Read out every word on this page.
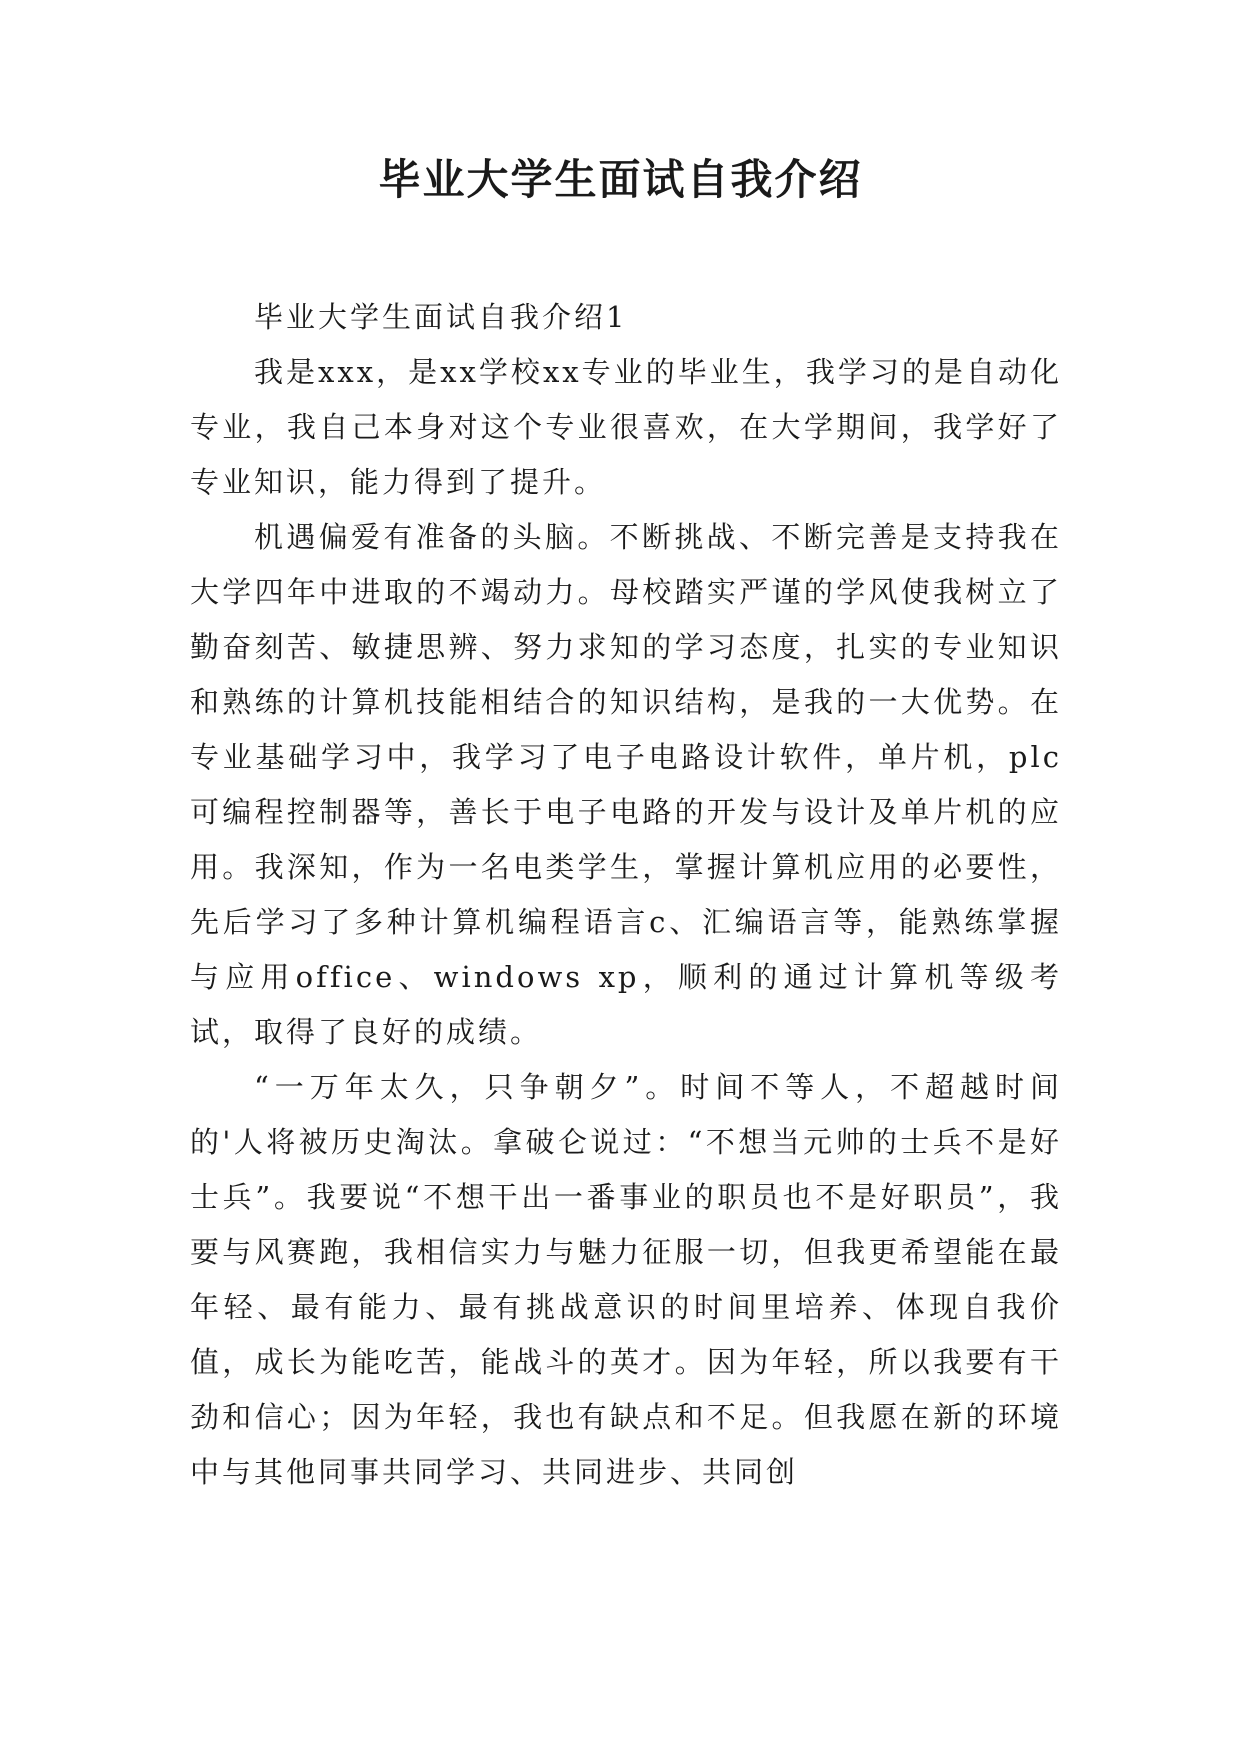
毕业大学生面试自我介绍

毕业大学生面试自我介绍1

我是xxx，是xx学校xx专业的毕业生，我学习的是自动化专业，我自己本身对这个专业很喜欢，在大学期间，我学好了专业知识，能力得到了提升。

机遇偏爱有准备的头脑。不断挑战、不断完善是支持我在大学四年中进取的不竭动力。母校踏实严谨的学风使我树立了勤奋刻苦、敏捷思辨、努力求知的学习态度，扎实的专业知识和熟练的计算机技能相结合的知识结构，是我的一大优势。在专业基础学习中，我学习了电子电路设计软件，单片机，plc可编程控制器等，善长于电子电路的开发与设计及单片机的应用。我深知，作为一名电类学生，掌握计算机应用的必要性，先后学习了多种计算机编程语言c、汇编语言等，能熟练掌握与应用office、windows xp，顺利的通过计算机等级考试，取得了良好的成绩。

“一万年太久，只争朝夕”。时间不等人，不超越时间的'人将被历史淘汰。拿破仑说过：“不想当元帅的士兵不是好士兵”。我要说“不想干出一番事业的职员也不是好职员”，我要与风赛跑，我相信实力与魅力征服一切，但我更希望能在最年轻、最有能力、最有挑战意识的时间里培养、体现自我价值，成长为能吃苦，能战斗的英才。因为年轻，所以我要有干劲和信心；因为年轻，我也有缺点和不足。但我愿在新的环境中与其他同事共同学习、共同进步、共同创
